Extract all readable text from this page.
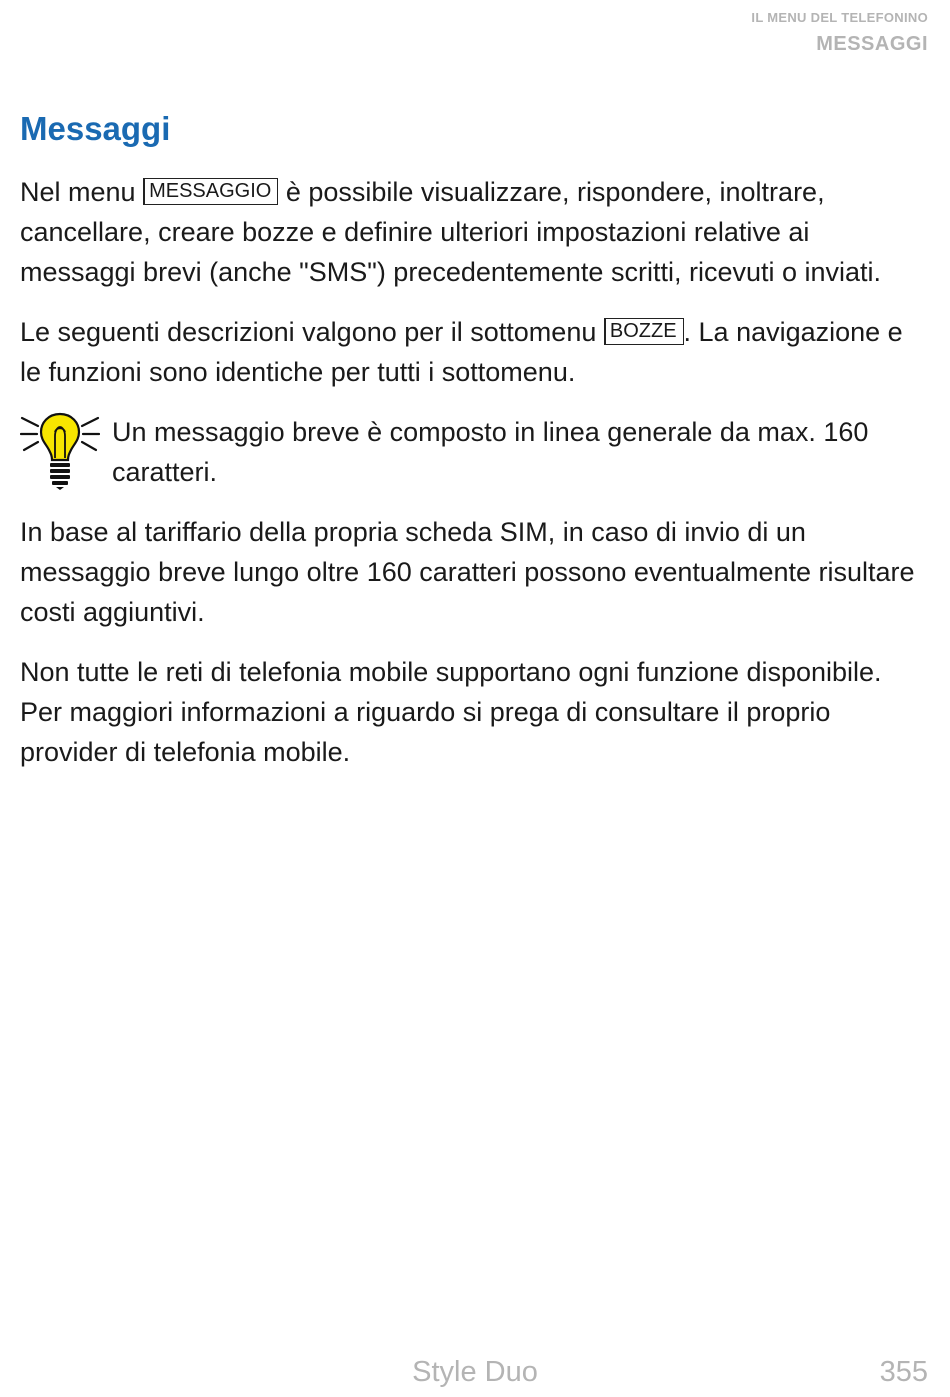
IL MENU DEL TELEFONINO
MESSAGGI
Messaggi

Nel menu MESSAGGIO è possibile visualizzare, rispondere, inoltrare, cancellare, creare bozze e definire ulteriori impostazioni relative ai messaggi brevi (anche "SMS") precedentemente scritti, ricevuti o inviati.

Le seguenti descrizioni valgono per il sottomenu BOZZE . La navigazione e le funzioni sono identiche per tutti i sottomenu.

Un messaggio breve è composto in linea generale da max. 160 caratteri.

In base al tariffario della propria scheda SIM, in caso di invio di un messaggio breve lungo oltre 160 caratteri possono eventualmente risultare costi aggiuntivi.

Non tutte le reti di telefonia mobile supportano ogni funzione disponibile. Per maggiori informazioni a riguardo si prega di consultare il proprio provider di telefonia mobile.

Style Duo	355
